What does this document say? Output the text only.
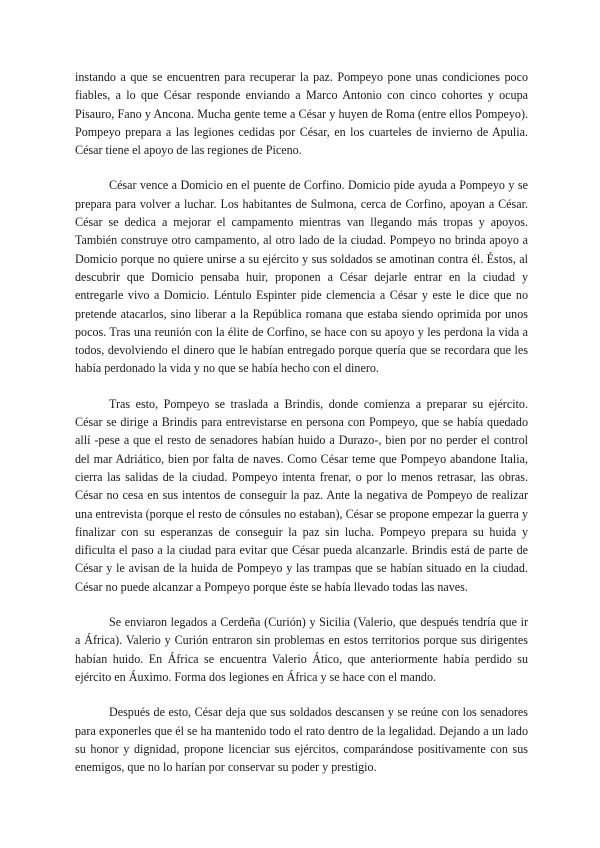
instando a que se encuentren para recuperar la paz. Pompeyo pone unas condiciones poco fiables, a lo que César responde enviando a Marco Antonio con cinco cohortes y ocupa Pisauro, Fano y Ancona. Mucha gente teme a César y huyen de Roma (entre ellos Pompeyo). Pompeyo prepara a las legiones cedidas por César, en los cuarteles de invierno de Apulia. César tiene el apoyo de las regiones de Piceno.

César vence a Domicio en el puente de Corfino. Domicio pide ayuda a Pompeyo y se prepara para volver a luchar. Los habitantes de Sulmona, cerca de Corfino, apoyan a César. César se dedica a mejorar el campamento mientras van llegando más tropas y apoyos. También construye otro campamento, al otro lado de la ciudad. Pompeyo no brinda apoyo a Domicio porque no quiere unirse a su ejército y sus soldados se amotinan contra él. Éstos, al descubrir que Domicio pensaba huir, proponen a César dejarle entrar en la ciudad y entregarle vivo a Domicio. Léntulo Espinter pide clemencia a César y este le dice que no pretende atacarlos, sino liberar a la República romana que estaba siendo oprimida por unos pocos. Tras una reunión con la élite de Corfino, se hace con su apoyo y les perdona la vida a todos, devolviendo el dinero que le habían entregado porque quería que se recordara que les había perdonado la vida y no que se había hecho con el dinero.

Tras esto, Pompeyo se traslada a Brindis, donde comienza a preparar su ejército. César se dirige a Brindis para entrevistarse en persona con Pompeyo, que se había quedado allí -pese a que el resto de senadores habían huido a Durazo-, bien por no perder el control del mar Adriático, bien por falta de naves. Como César teme que Pompeyo abandone Italia, cierra las salidas de la ciudad. Pompeyo intenta frenar, o por lo menos retrasar, las obras. César no cesa en sus intentos de conseguir la paz. Ante la negativa de Pompeyo de realizar una entrevista (porque el resto de cónsules no estaban), César se propone empezar la guerra y finalizar con su esperanzas de conseguir la paz sin lucha. Pompeyo prepara su huida y dificulta el paso a la ciudad para evitar que César pueda alcanzarle. Brindis está de parte de César y le avisan de la huida de Pompeyo y las trampas que se habían situado en la ciudad. César no puede alcanzar a Pompeyo porque éste se había llevado todas las naves.

Se enviaron legados a Cerdeña (Curión) y Sicilia (Valerio, que después tendría que ir a África). Valerio y Curión entraron sin problemas en estos territorios porque sus dirigentes habían huido. En África se encuentra Valerio Ático, que anteriormente había perdido su ejército en Áuximo. Forma dos legiones en África y se hace con el mando.

Después de esto, César deja que sus soldados descansen y se reúne con los senadores para exponerles que él se ha mantenido todo el rato dentro de la legalidad. Dejando a un lado su honor y dignidad, propone licenciar sus ejércitos, comparándose positivamente con sus enemigos, que no lo harían por conservar su poder y prestigio.
